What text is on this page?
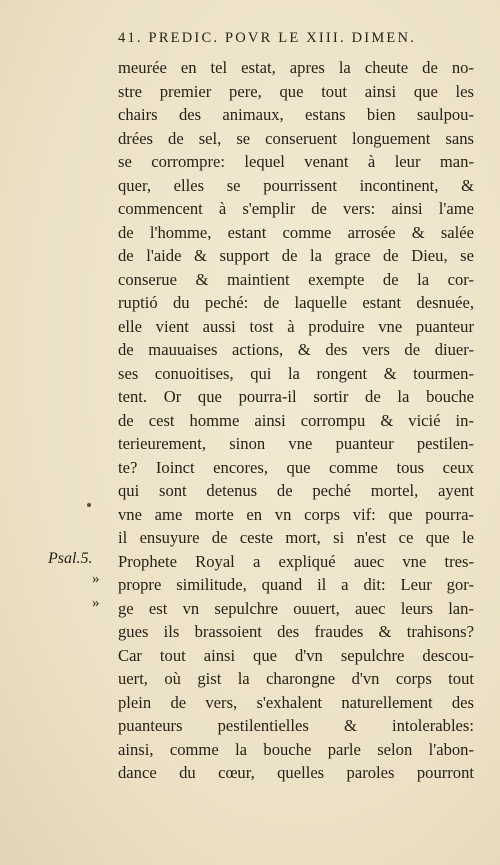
41. PREDIC. POVR LE XIII. DIMEN.
meurée en tel estat, apres la cheute de no-
stre premier pere, que tout ainsi que les
chairs des animaux, estans bien saulpou-
drées de sel, se conseruent longuement sans
se corrompre: lequel venant à leur man-
quer, elles se pourrissent incontinent, &
commencent à s'emplir de vers: ainsi l'ame
de l'homme, estant comme arrosée & salée
de l'aide & support de la grace de Dieu, se
conserue & maintient exempte de la cor-
ruptió du peché: de laquelle estant desnuée,
elle vient aussi tost à produire vne puanteur
de mauuaises actions, & des vers de diuer-
ses conuoitises, qui la rongent & tourmen-
tent. Or que pourra-il sortir de la bouche
de cest homme ainsi corrompu & vicié in-
terieurement, sinon vne puanteur pestilen-
te? Ioinct encores, que comme tous ceux
qui sont detenus de peché mortel, ayent
vne ame morte en vn corps vif: que pourra-
il ensuyure de ceste mort, si n'est ce que le
Prophete Royal a expliqué auec vne tres-
propre similitude, quand il a dit: Leur gor-
ge est vn sepulchre ouuert, auec leurs lan-
gues ils brassoient des fraudes & trahisons?
Car tout ainsi que d'vn sepulchre descou-
uert, où gist la charongne d'vn corps tout
plein de vers, s'exhalent naturellement des
puanteurs pestilentielles & intolerables:
ainsi, comme la bouche parle selon l'abon-
dance du cœur, quelles paroles pourront
Psal.5.
»
»
